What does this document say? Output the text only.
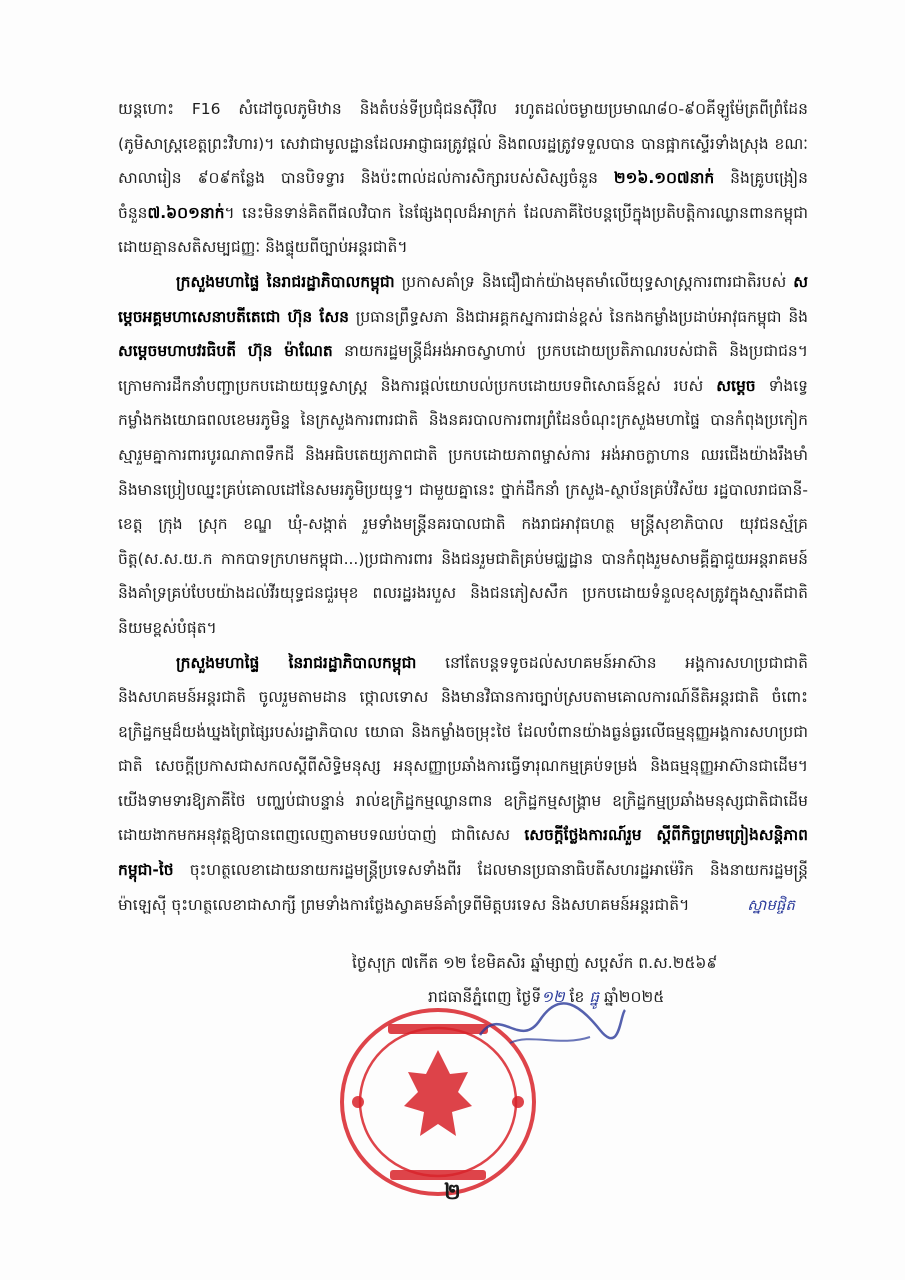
យន្តហោះ F16 សំដៅចូលភូមិឋាន និងតំបន់ទីប្រជុំជនស៊ីវិល រហូតដល់ចម្ងាយប្រមាណ៨០-៩០គីឡូម៉ែត្រពីព្រំដែន (ភូមិសាស្ត្រខេត្តព្រះវិហារ)។ សេវាជាមូលដ្ឋានដែលអាជ្ញាធរត្រូវផ្តល់ និងពលរដ្ឋត្រូវទទួលបាន បានផ្អាកស្ទើរទាំងស្រុង ខណៈសាលារៀន ៩០៩កន្លែង បានបិទទ្វារ និងប៉ះពាល់ដល់ការសិក្សារបស់សិស្សចំនួន ២១៦.១០៧នាក់ និងគ្រូបង្រៀនចំនួន៧.៦០១នាក់។ នេះមិនទាន់គិតពីផលវិបាក នៃផ្សែងពុលដ៏អាក្រក់ ដែលភាគីថៃបន្តប្រើក្នុងប្រតិបត្តិការឈ្លានពានកម្ពុជា ដោយគ្មានសតិសម្បជញ្ញៈ និងផ្ទុយពីច្បាប់អន្តរជាតិ។

ក្រសួងមហាផ្ទៃ នៃរាជរដ្ឋាភិបាលកម្ពុជា ប្រកាសគាំទ្រ និងជឿជាក់យ៉ាងមុតមាំលើយុទ្ធសាស្ត្រការពារជាតិរបស់ សម្តេចអគ្គមហាសេនាបតីតេជោ ហ៊ុន សែន ប្រធានព្រឹទ្ធសភា និងជាអគ្គកស្នការជាន់ខ្ពស់ នៃកងកម្លាំងប្រដាប់អាវុធកម្ពុជា និង សម្តេចមហាបវរធិបតី ហ៊ុន ម៉ាណែត នាយករដ្ឋមន្ត្រីដ៏អង់អាចស្វាហាប់ ប្រកបដោយប្រតិភាណរបស់ជាតិ និងប្រជាជន។ ក្រោមការដឹកនាំបញ្ជាប្រកបដោយយុទ្ធសាស្ត្រ និងការផ្តល់យោបល់ប្រកបដោយបទពិសោធន៍ខ្ពស់ របស់ សម្តេច ទាំងទ្វេ កម្លាំងកងយោធពលខេមរភូមិន្ទ នៃក្រសួងការពារជាតិ និងនគរបាលការពារព្រំដែនចំណុះក្រសួងមហាផ្ទៃ បានកំពុងប្រកៀកស្មារួមគ្នាការពារបូរណភាពទឹកដី និងអធិបតេយ្យភាពជាតិ ប្រកបដោយភាពម្ចាស់ការ អង់អាចក្លាហាន ឈរជើងយ៉ាងរឹងមាំ និងមានប្រៀបឈ្នះគ្រប់គោលដៅនៃសមរភូមិប្រយុទ្ធ។ ជាមួយគ្នានេះ ថ្នាក់ដឹកនាំ ក្រសួង-ស្ថាប័នគ្រប់វិស័យ រដ្ឋបាលរាជធានី-ខេត្ត ក្រុង ស្រុក ខណ្ឌ ឃុំ-សង្កាត់ រួមទាំងមន្ត្រីនគរបាលជាតិ កងរាជអាវុធហត្ថ មន្ត្រីសុខាភិបាល យុវជនស្ម័គ្រចិត្ត(ស.ស.យ.ក កាកបាទក្រហមកម្ពុជា...)ប្រជាការពារ និងជនរួមជាតិគ្រប់មជ្ឈដ្ឋាន បានកំពុងរួមសាមគ្គីគ្នាជួយអន្តរាគមន៍ និងគាំទ្រគ្រប់បែបយ៉ាងដល់វីរយុទ្ធជនជួរមុខ ពលរដ្ឋរងរបួស និងជនភៀសសឹក ប្រកបដោយទំនួលខុសត្រូវក្នុងស្មារតីជាតិនិយមខ្ពស់បំផុត។

ក្រសួងមហាផ្ទៃ នៃរាជរដ្ឋាភិបាលកម្ពុជា នៅតែបន្តទទូចដល់សហគមន៍អាស៊ាន អង្គការសហប្រជាជាតិ និងសហគមន៍អន្តរជាតិ ចូលរួមតាមដាន ថ្កោលទោស និងមានវិធានការច្បាប់ស្របតាមគោលការណ៍នីតិអន្តរជាតិ ចំពោះឧក្រិដ្ឋកម្មដ៏យង់ឃ្នងព្រៃផ្សៃរបស់រដ្ឋាភិបាល យោធា និងកម្លាំងចម្រុះថៃ ដែលបំពានយ៉ាងធ្ងន់ធ្ងរលើធម្មនុញ្ញអង្គការសហប្រជាជាតិ សេចក្តីប្រកាសជាសកលស្តីពីសិទ្ធិមនុស្ស អនុសញ្ញាប្រឆាំងការធ្វើទារុណកម្មគ្រប់ទម្រង់ និងធម្មនុញ្ញអាស៊ានជាដើម។ យើងទាមទារឱ្យភាគីថៃ បញ្ឈប់ជាបន្ទាន់ រាល់ឧក្រិដ្ឋកម្មឈ្លានពាន ឧក្រិដ្ឋកម្មសង្គ្រាម ឧក្រិដ្ឋកម្មប្រឆាំងមនុស្សជាតិជាដើម ដោយងាកមកអនុវត្តឱ្យបានពេញលេញតាមបទឈប់បាញ់ ជាពិសេស សេចក្តីថ្លែងការណ៍រួម ស្តីពីកិច្ចព្រមព្រៀងសន្តិភាពកម្ពុជា-ថៃ ចុះហត្ថលេខាដោយនាយករដ្ឋមន្ត្រីប្រទេសទាំងពីរ ដែលមានប្រធានាធិបតីសហរដ្ឋអាម៉េរិក និងនាយករដ្ឋមន្ត្រីម៉ាឡេស៊ី ចុះហត្ថលេខាជាសាក្សី ព្រមទាំងការថ្លែងស្វាគមន៍គាំទ្រពីមិត្តបរទេស និងសហគមន៍អន្តរជាតិ។	ស្នាមផ្ចិត

ថ្ងៃសុក្រ ៧កើត ១២ ខែមិគសិរ ឆ្នាំម្សាញ់ សប្តស័ក ព.ស.២៥៦៩
រាជធានីភ្នំពេញ ថ្ងៃទី១២ ខែ ធ្នូ ឆ្នាំ២០២៥
២
